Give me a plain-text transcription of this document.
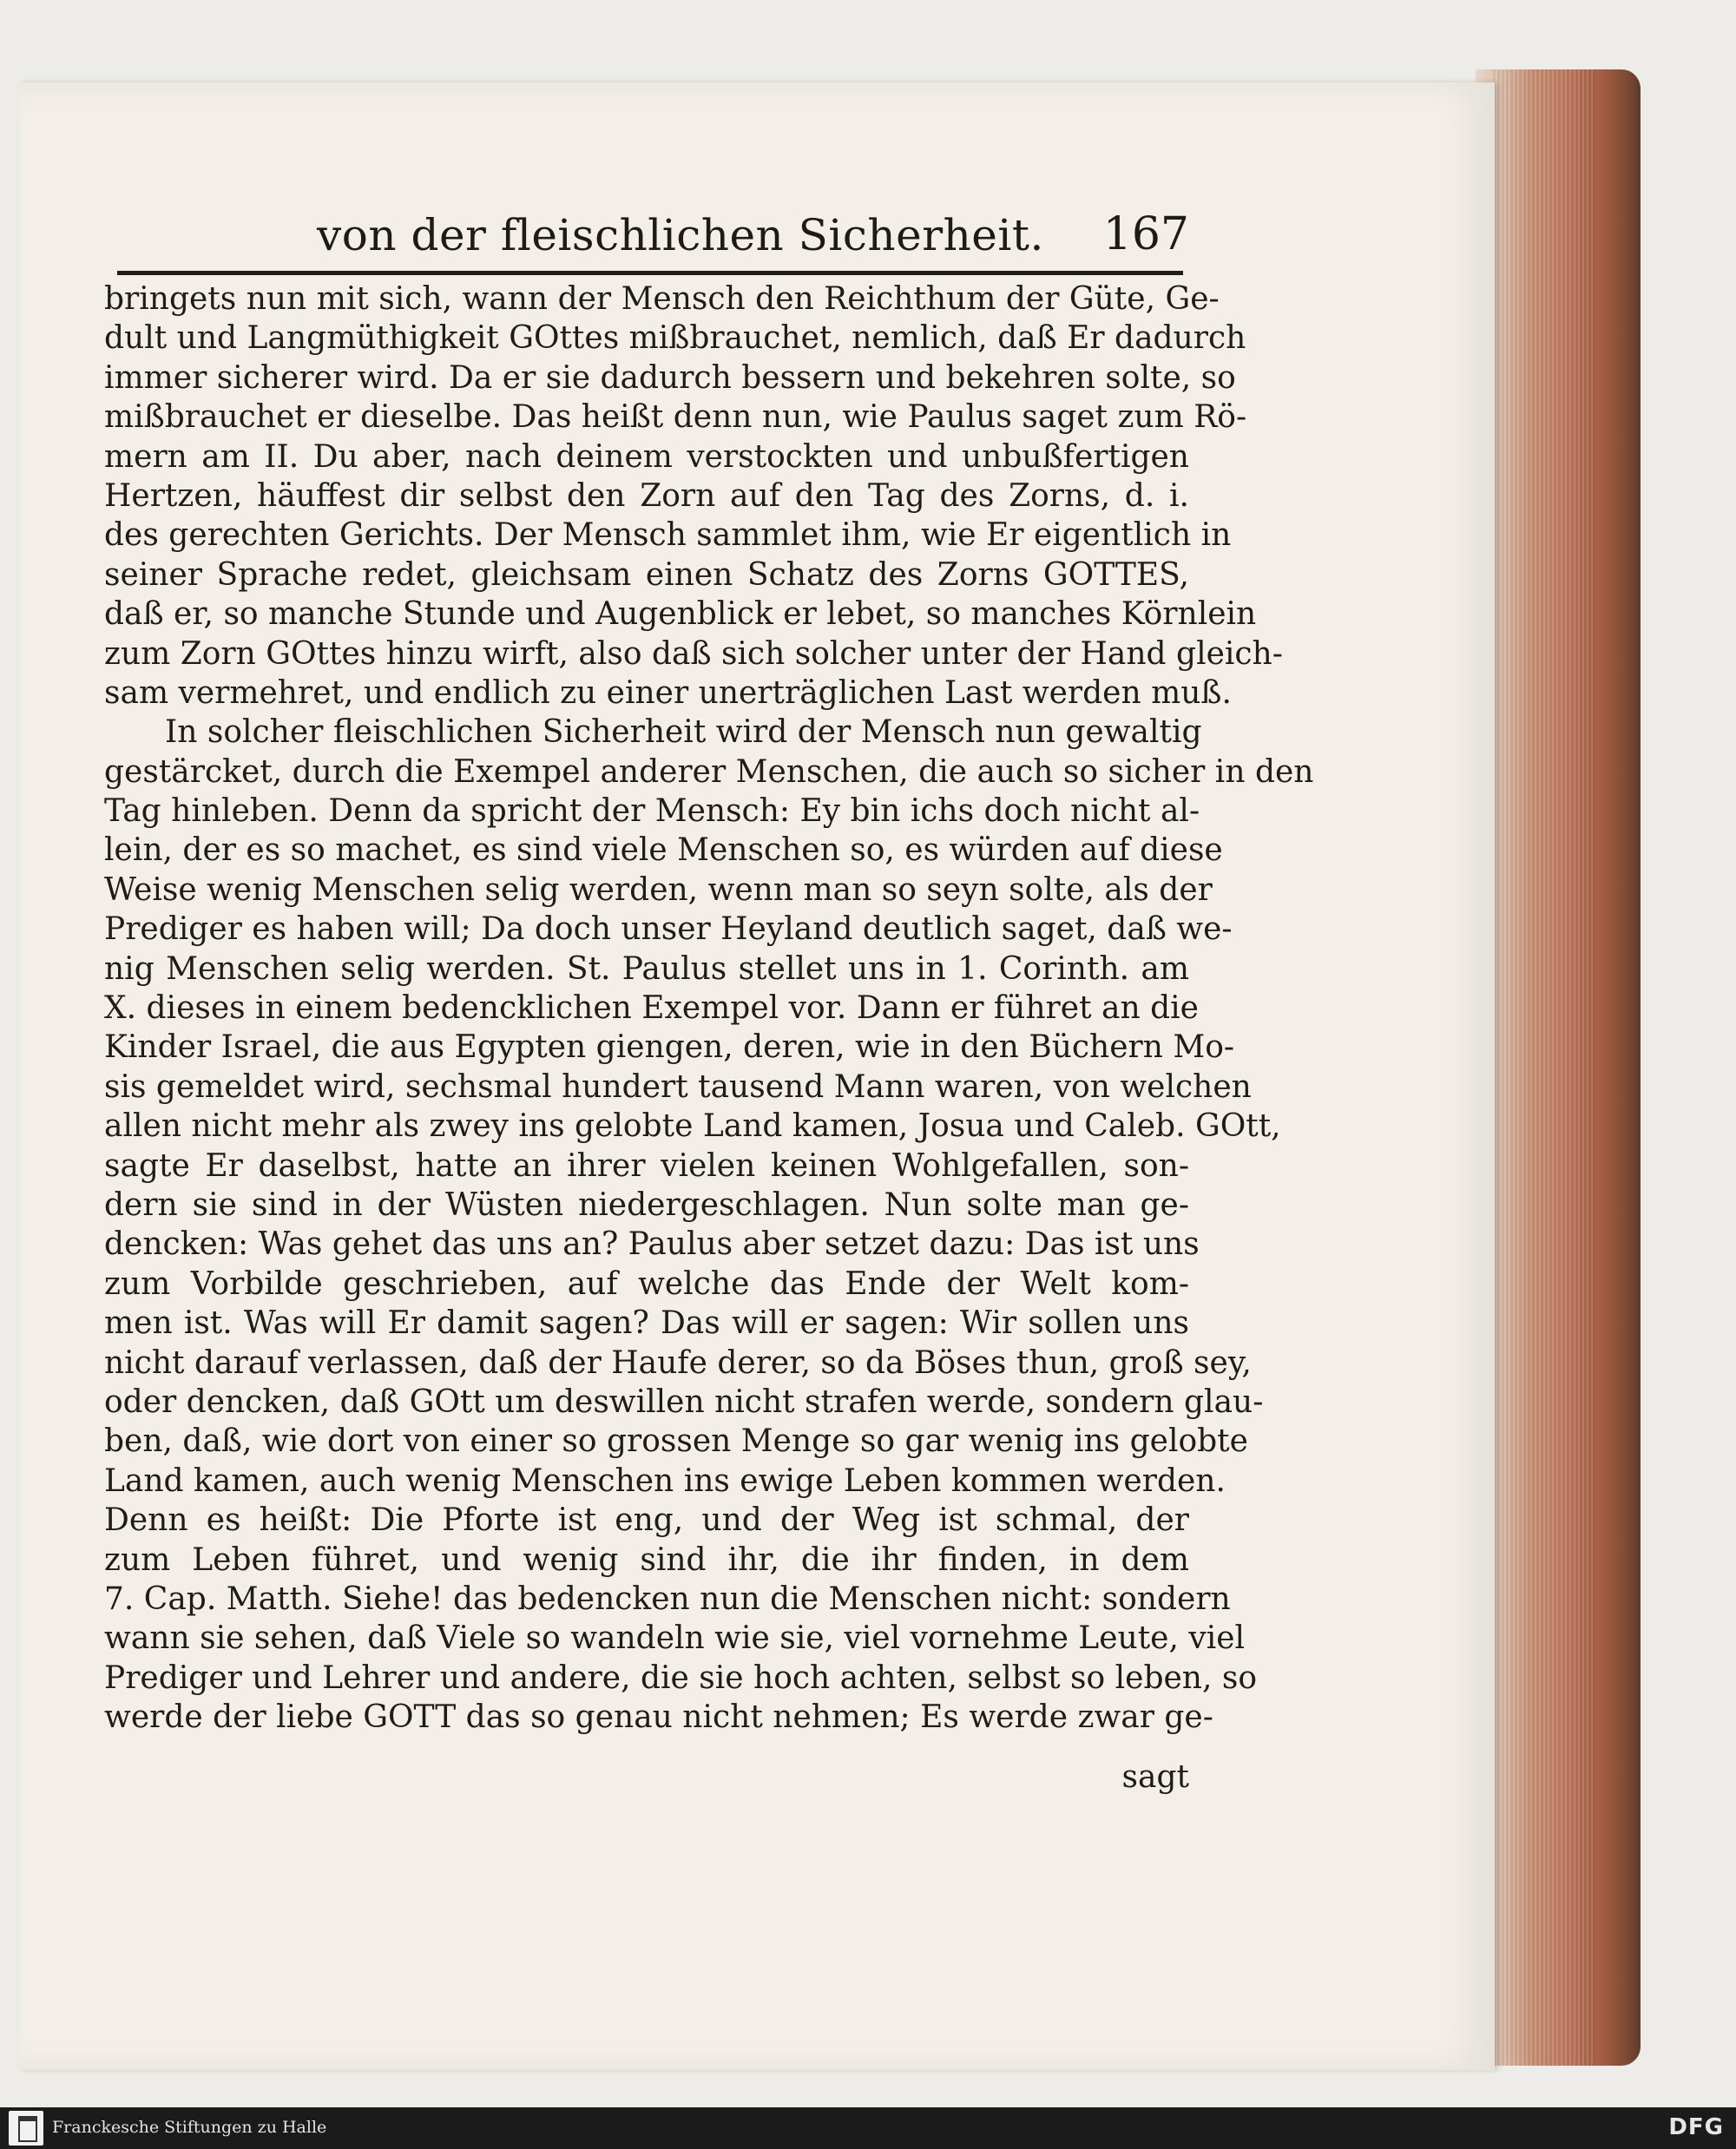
von der fleischlichen Sicherheit. 167
bringets nun mit sich, wann der Mensch den Reichthum der Güte, Ge-
dult und Langmüthigkeit GOttes mißbrauchet, nemlich, daß Er dadurch
immer sicherer wird. Da er sie dadurch bessern und bekehren solte, so
mißbrauchet er dieselbe. Das heißt denn nun, wie Paulus saget zum Rö-
mern am II. Du aber, nach deinem verstockten und unbußfertigen
Hertzen, häuffest dir selbst den Zorn auf den Tag des Zorns, d. i.
des gerechten Gerichts. Der Mensch sammlet ihm, wie Er eigentlich in
seiner Sprache redet, gleichsam einen Schatz des Zorns GOTTES,
daß er, so manche Stunde und Augenblick er lebet, so manches Körnlein
zum Zorn GOttes hinzu wirft, also daß sich solcher unter der Hand gleich-
sam vermehret, und endlich zu einer unerträglichen Last werden muß.
In solcher fleischlichen Sicherheit wird der Mensch nun gewaltig
gestärcket, durch die Exempel anderer Menschen, die auch so sicher in den
Tag hinleben. Denn da spricht der Mensch: Ey bin ichs doch nicht al-
lein, der es so machet, es sind viele Menschen so, es würden auf diese
Weise wenig Menschen selig werden, wenn man so seyn solte, als der
Prediger es haben will; Da doch unser Heyland deutlich saget, daß we-
nig Menschen selig werden. St. Paulus stellet uns in 1. Corinth. am
X. dieses in einem bedencklichen Exempel vor. Dann er führet an die
Kinder Israel, die aus Egypten giengen, deren, wie in den Büchern Mo-
sis gemeldet wird, sechsmal hundert tausend Mann waren, von welchen
allen nicht mehr als zwey ins gelobte Land kamen, Josua und Caleb. GOtt,
sagte Er daselbst, hatte an ihrer vielen keinen Wohlgefallen, son-
dern sie sind in der Wüsten niedergeschlagen. Nun solte man ge-
dencken: Was gehet das uns an? Paulus aber setzet dazu: Das ist uns
zum Vorbilde geschrieben, auf welche das Ende der Welt kom-
men ist. Was will Er damit sagen? Das will er sagen: Wir sollen uns
nicht darauf verlassen, daß der Haufe derer, so da Böses thun, groß sey,
oder dencken, daß GOtt um deswillen nicht strafen werde, sondern glau-
ben, daß, wie dort von einer so grossen Menge so gar wenig ins gelobte
Land kamen, auch wenig Menschen ins ewige Leben kommen werden.
Denn es heißt: Die Pforte ist eng, und der Weg ist schmal, der
zum Leben führet, und wenig sind ihr, die ihr finden, in dem
7. Cap. Matth. Siehe! das bedencken nun die Menschen nicht: sondern
wann sie sehen, daß Viele so wandeln wie sie, viel vornehme Leute, viel
Prediger und Lehrer und andere, die sie hoch achten, selbst so leben, so
werde der liebe GOTT das so genau nicht nehmen; Es werde zwar ge-
sagt
Franckesche Stiftungen zu Halle	DFG
